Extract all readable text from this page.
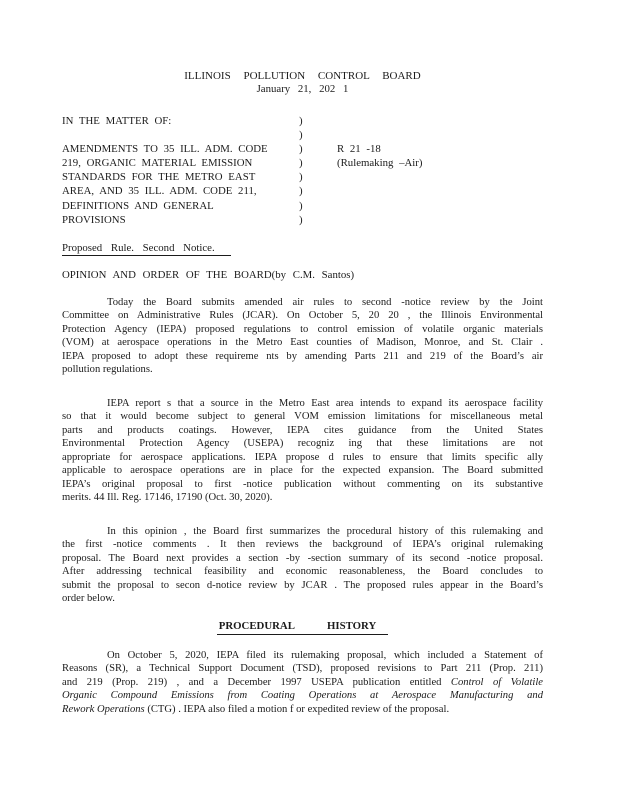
ILLINOIS POLLUTION CONTROL BOARD
January 21, 202 1
IN THE MATTER OF:	)
)
AMENDMENTS TO 35 ILL. ADM. CODE	)	R 21 -18
219, ORGANIC MATERIAL EMISSION	)	(Rulemaking –Air)
STANDARDS FOR THE METRO EAST	)
AREA, AND 35 ILL. ADM. CODE 211,	)
DEFINITIONS AND GENERAL	)
PROVISIONS	)
Proposed Rule. Second Notice.
OPINION AND ORDER OF THE BOARD(by C.M. Santos)
Today the Board submits amended air rules to second -notice review by the Joint
Committee on Administrative Rules (JCAR). On October 5, 20 20 , the Illinois Environmental
Protection Agency (IEPA) proposed regulations to control emission of volatile organic materials
(VOM) at aerospace operations in the Metro East counties of Madison, Monroe, and St. Clair .
IEPA proposed to adopt these requireme nts by amending Parts 211 and 219 of the Board’s air
pollution regulations.
IEPA report s that a source in the Metro East area intends to expand its aerospace facility
so that it would become subject to general VOM emission limitations for miscellaneous metal
parts and products coatings. However, IEPA cites guidance from the United States
Environmental Protection Agency (USEPA) recogniz ing that these limitations are not
appropriate for aerospace applications. IEPA propose d rules to ensure that limits specific ally
applicable to aerospace operations are in place for the expected expansion. The Board submitted
IEPA’s original proposal to first -notice publication without commenting on its substantive
merits. 44 Ill. Reg. 17146, 17190 (Oct. 30, 2020).
In this opinion , the Board first summarizes the procedural history of this rulemaking and
the first -notice comments . It then reviews the background of IEPA’s original rulemaking
proposal. The Board next provides a section -by -section summary of its second -notice proposal.
After addressing technical feasibility and economic reasonableness, the Board concludes to
submit the proposal to secon d-notice review by JCAR . The proposed rules appear in the Board’s
order below.
PROCEDURAL HISTORY
On October 5, 2020, IEPA filed its rulemaking proposal, which included a Statement of
Reasons (SR), a Technical Support Document (TSD), proposed revisions to Part 211 (Prop. 211)
and 219 (Prop. 219) , and a December 1997 USEPA publication entitled Control of Volatile
Organic Compound Emissions from Coating Operations at Aerospace Manufacturing and
Rework Operations (CTG) . IEPA also filed a motion f or expedited review of the proposal.
